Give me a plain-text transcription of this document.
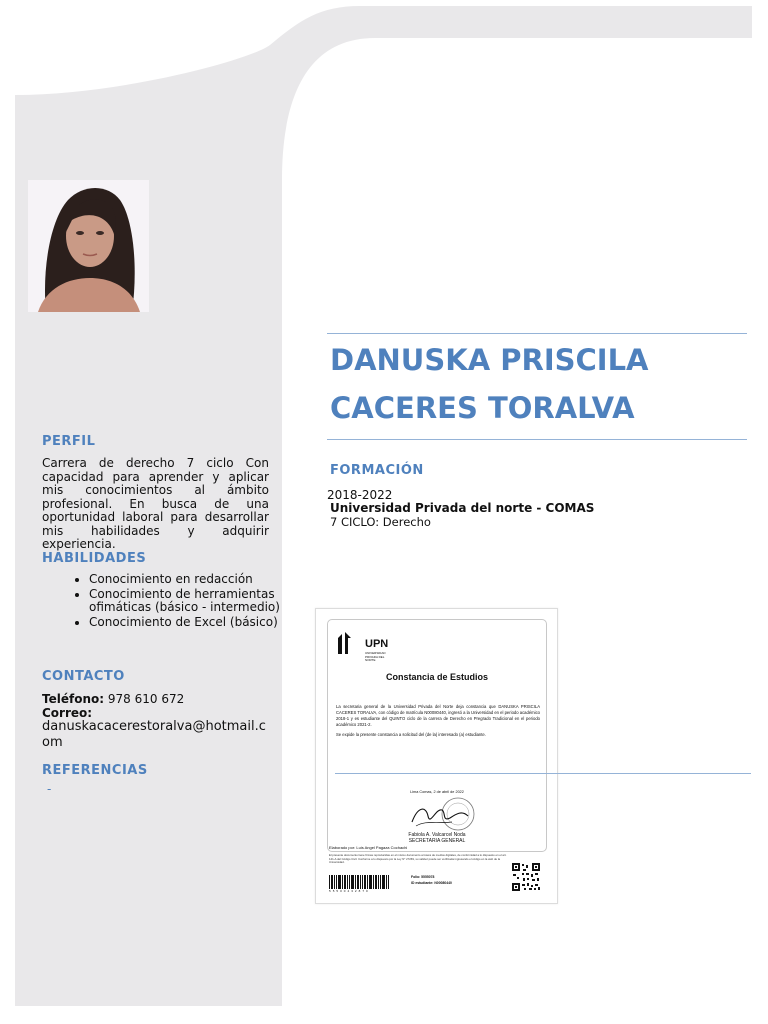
PERFIL

Carrera de derecho 7 ciclo Con capacidad para aprender y aplicar mis conocimientos al ámbito profesional. En busca de una oportunidad laboral para desarrollar mis habilidades y adquirir experiencia.

HABILIDADES
• Conocimiento en redacción
• Conocimiento de herramientas ofimáticas (básico - intermedio)
• Conocimiento de Excel (básico)
CONTACTO

Teléfono: 978 610 672

Correo:

danuskacacerestoralva@hotmail.com

REFERENCIAS
-
DANUSKA PRISCILA
CACERES TORALVA
FORMACIÓN

2018-2022

Universidad Privada del norte - COMAS

7 CICLO: Derecho

UPN
UNIVERSIDAD PRIVADA DEL NORTE
Constancia de Estudios

La secretaria general de la Universidad Privada del Norte deja constancia que DANUSKA PRISCILA CACERES TORALVA, con código de matrícula N00080440, ingresó a la Universidad en el periodo académico 2018-1 y es estudiante del QUINTO ciclo de la carrera de Derecho en Pregrado Tradicional en el periodo académico 2021-2.

Se expide la presente constancia a solicitud del (de la) interesado (a) estudiante.

Lima Comas, 2 de abril de 2022
Fabiola A. Valcarcel Noda
SECRETARIA GENERAL
Elaborado por: Luis Angel Pagaza Cochachi

El presente documento tiene firmas reproducidas en el mismo documento a través de medios digitales, de conformidad a lo dispuesto en el art. 141-A del Código Civil. Conforme a lo dispuesto por la Ley N° 27269, su validez puede ser verificada ingresando el código en la web de la Universidad.

5 5 5 0 0 4 3 2 8 7 0
Folio: 5555078
ID estudiante: N00080440
